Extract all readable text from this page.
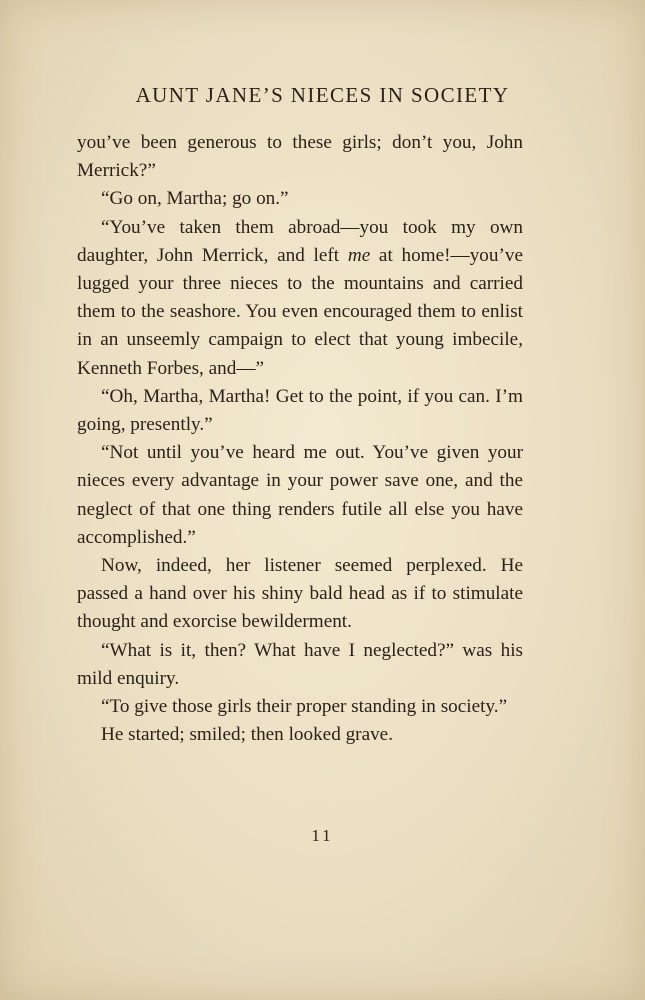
AUNT JANE’S NIECES IN SOCIETY

you’ve been generous to these girls; don’t you, John Merrick?”

“Go on, Martha; go on.”

“You’ve taken them abroad—you took my own daughter, John Merrick, and left me at home!—you’ve lugged your three nieces to the mountains and carried them to the seashore. You even encouraged them to enlist in an unseemly campaign to elect that young imbecile, Kenneth Forbes, and—”

“Oh, Martha, Martha! Get to the point, if you can. I’m going, presently.”

“Not until you’ve heard me out. You’ve given your nieces every advantage in your power save one, and the neglect of that one thing renders futile all else you have accomplished.”

Now, indeed, her listener seemed perplexed. He passed a hand over his shiny bald head as if to stimulate thought and exorcise bewilderment.

“What is it, then? What have I neglected?” was his mild enquiry.

“To give those girls their proper standing in society.”

He started; smiled; then looked grave.

11
